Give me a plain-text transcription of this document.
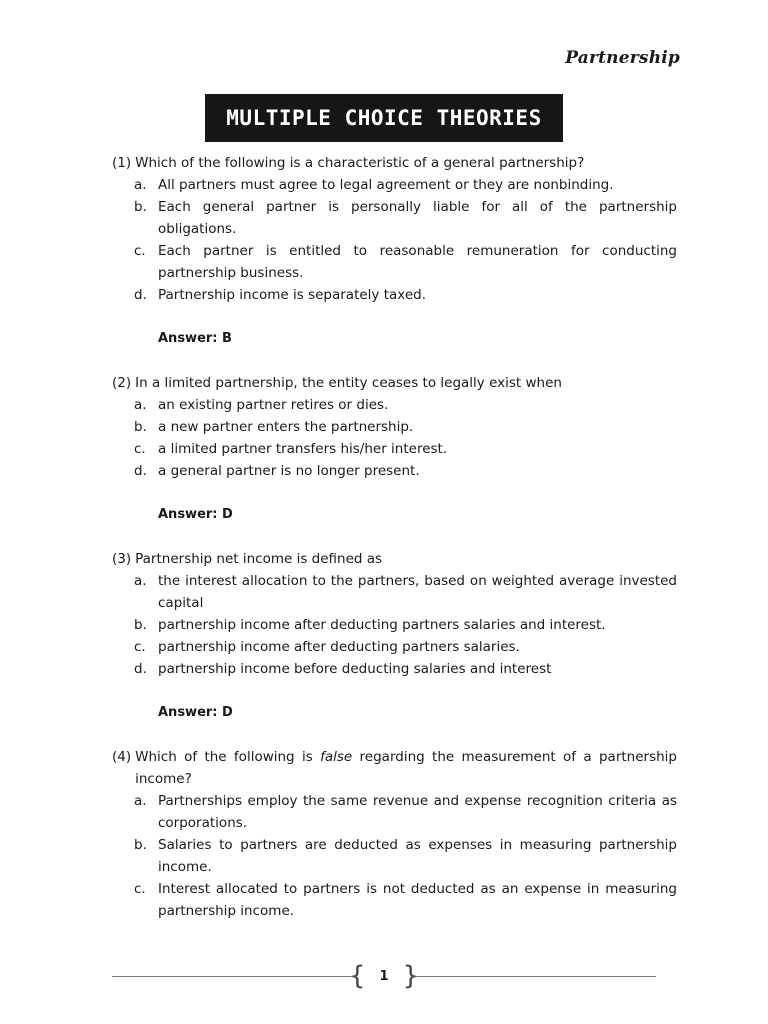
Partnership
MULTIPLE CHOICE THEORIES
(1) Which of the following is a characteristic of a general partnership?
a. All partners must agree to legal agreement or they are nonbinding.
b. Each general partner is personally liable for all of the partnership obligations.
c. Each partner is entitled to reasonable remuneration for conducting partnership business.
d. Partnership income is separately taxed.
Answer: B
(2) In a limited partnership, the entity ceases to legally exist when
a. an existing partner retires or dies.
b. a new partner enters the partnership.
c. a limited partner transfers his/her interest.
d. a general partner is no longer present.
Answer: D
(3) Partnership net income is defined as
a. the interest allocation to the partners, based on weighted average invested capital
b. partnership income after deducting partners salaries and interest.
c. partnership income after deducting partners salaries.
d. partnership income before deducting salaries and interest
Answer: D
(4) Which of the following is false regarding the measurement of a partnership income?
a. Partnerships employ the same revenue and expense recognition criteria as corporations.
b. Salaries to partners are deducted as expenses in measuring partnership income.
c. Interest allocated to partners is not deducted as an expense in measuring partnership income.
{	1 }
